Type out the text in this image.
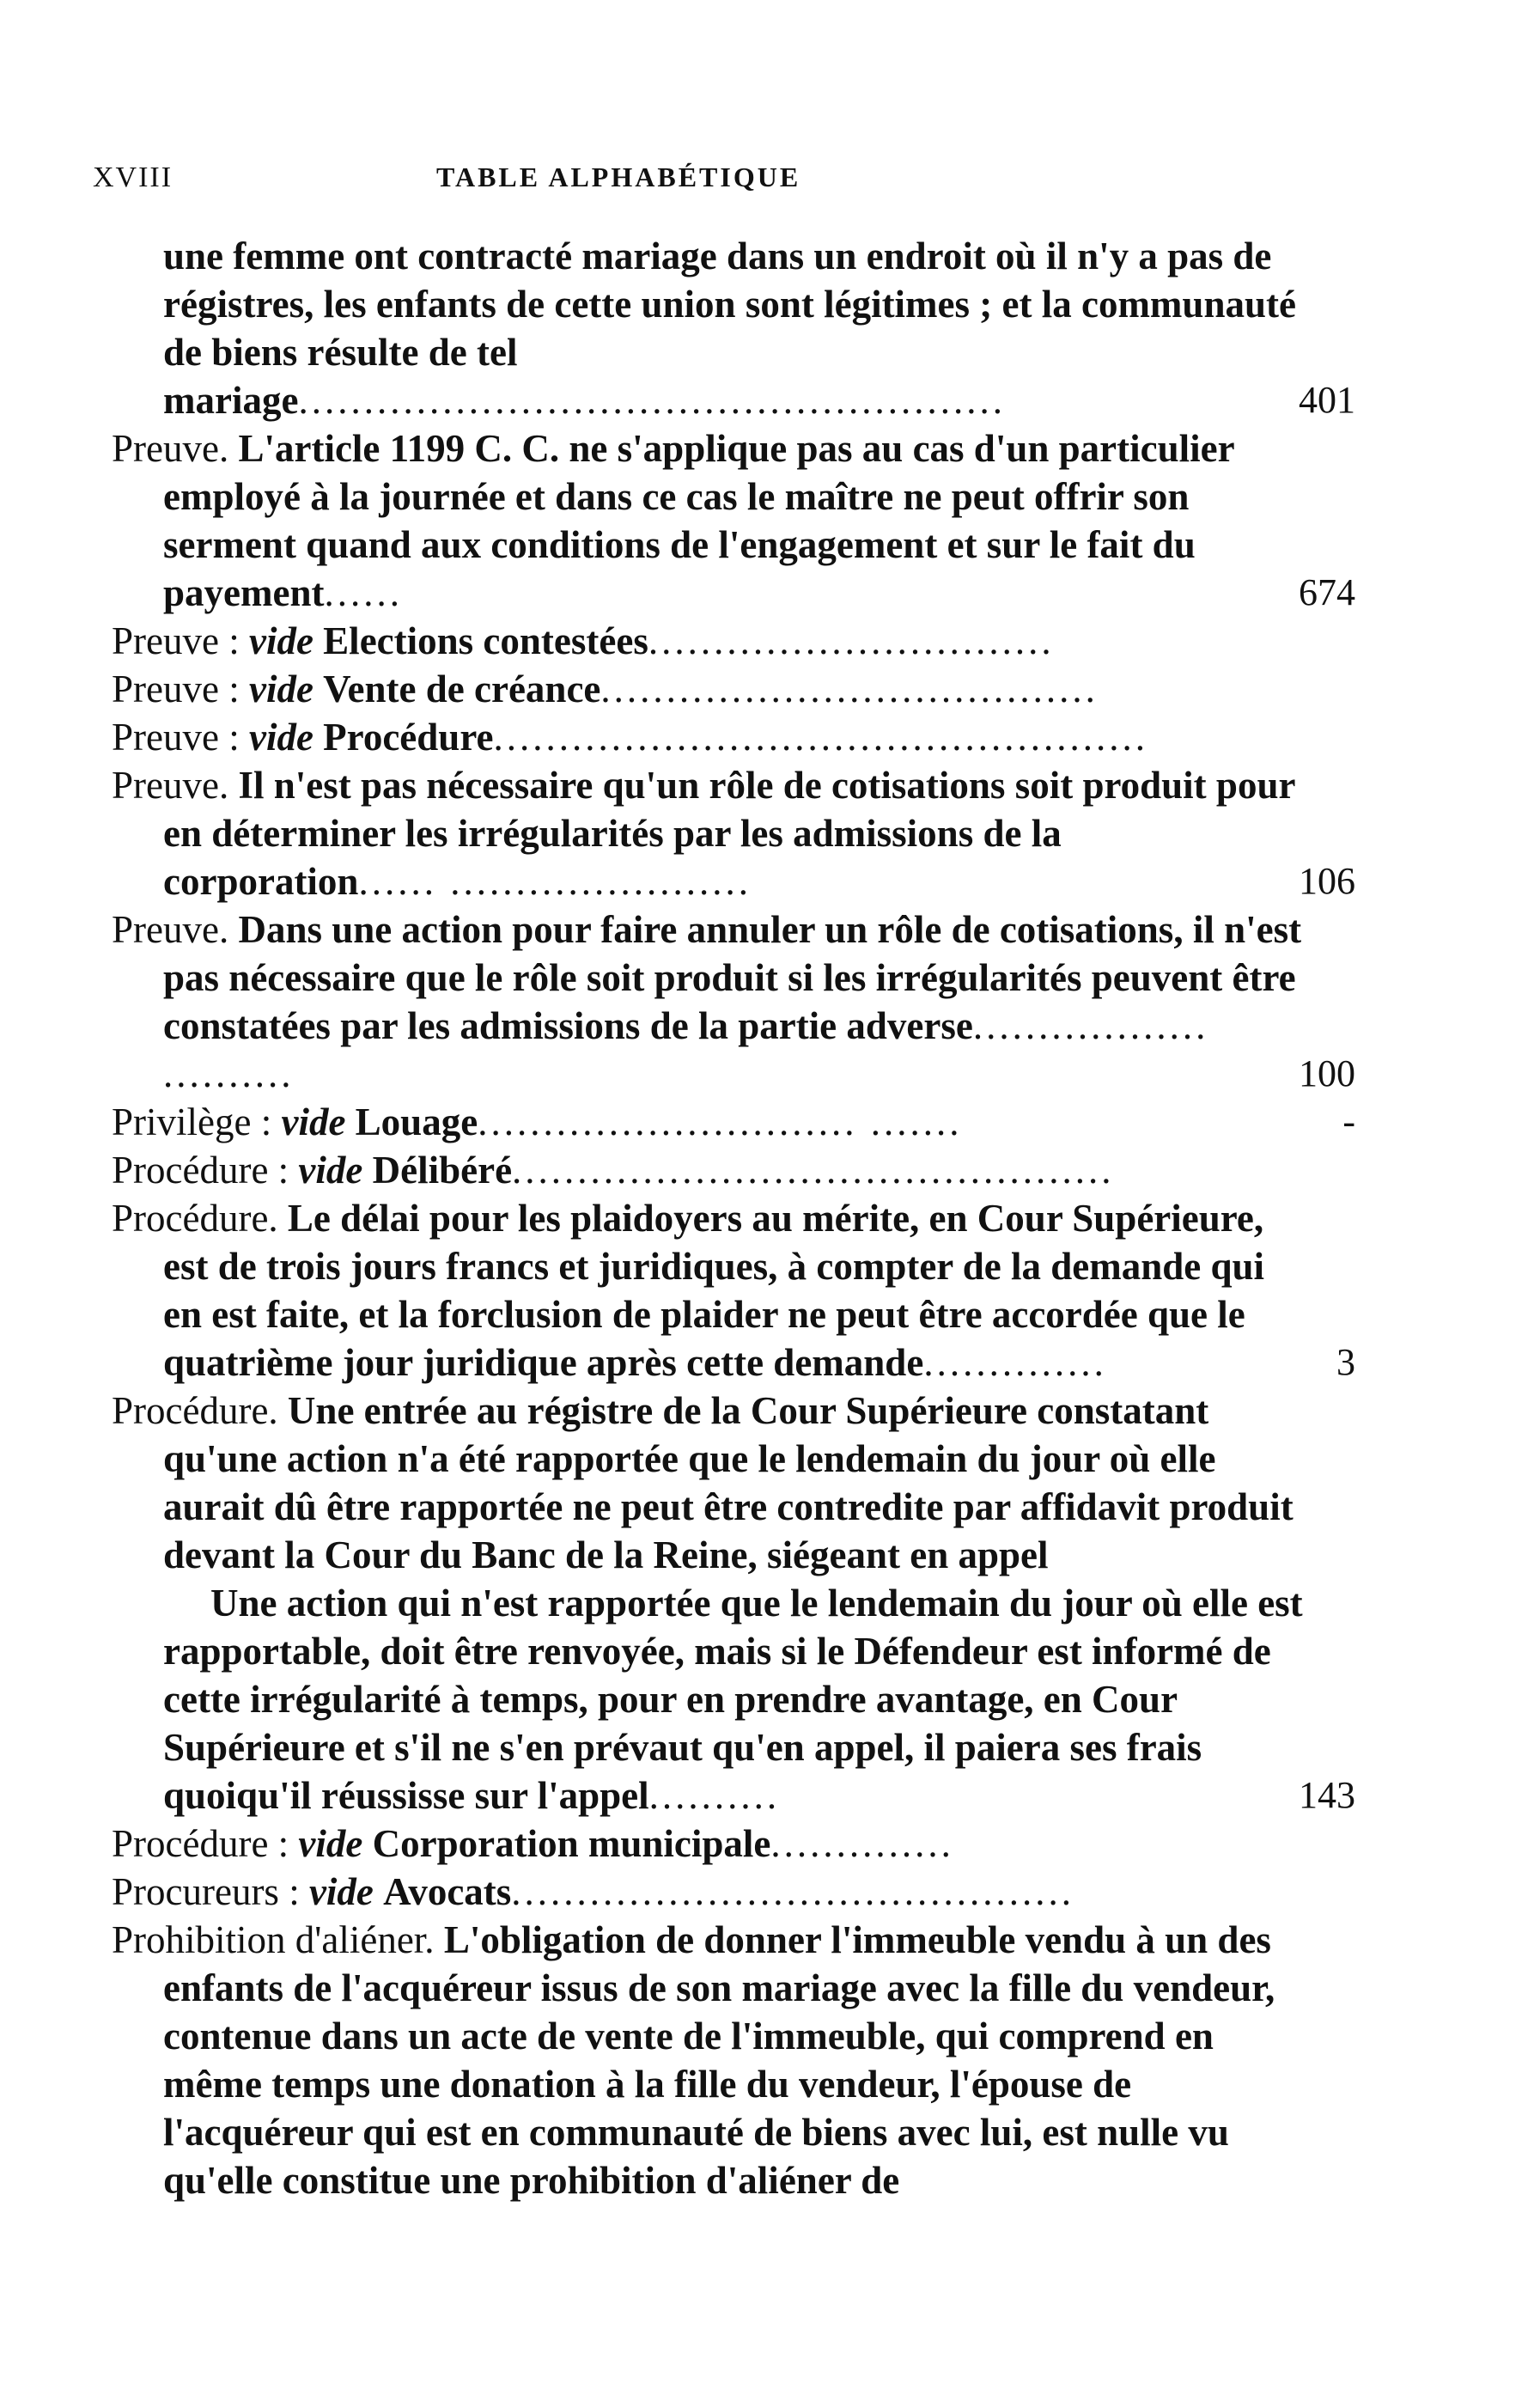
XVIII	TABLE ALPHABÉTIQUE

une femme ont contracté mariage dans un endroit où il n'y a pas de régistres, les enfants de cette union sont légitimes ; et la communauté de biens résulte de tel mariage......................................................	401

Preuve. L'article 1199 C. C. ne s'applique pas au cas d'un particulier employé à la journée et dans ce cas le maître ne peut offrir son serment quand aux conditions de l'engagement et sur le fait du payement......	674

Preuve : vide Elections contestées...............................

Preuve : vide Vente de créance......................................

Preuve : vide Procédure..................................................

Preuve. Il n'est pas nécessaire qu'un rôle de cotisations soit produit pour en déterminer les irrégularités par les admissions de la corporation...... .......................	106

Preuve. Dans une action pour faire annuler un rôle de cotisations, il n'est pas nécessaire que le rôle soit produit si les irrégularités peuvent être constatées par les admissions de la partie adverse.................. ..........	100

Privilège : vide Louage............................. .......	-

Procédure : vide Délibéré..............................................

Procédure. Le délai pour les plaidoyers au mérite, en Cour Supérieure, est de trois jours francs et juridiques, à compter de la demande qui en est faite, et la forclusion de plaider ne peut être accordée que le quatrième jour juridique après cette demande..............	3

Procédure. Une entrée au régistre de la Cour Supérieure constatant qu'une action n'a été rapportée que le lendemain du jour où elle aurait dû être rapportée ne peut être contredite par affidavit produit devant la Cour du Banc de la Reine, siégeant en appel

Une action qui n'est rapportée que le lendemain du jour où elle est rapportable, doit être renvoyée, mais si le Défendeur est informé de cette irrégularité à temps, pour en prendre avantage, en Cour Supérieure et s'il ne s'en prévaut qu'en appel, il paiera ses frais quoiqu'il réussisse sur l'appel..........	143

Procédure : vide Corporation municipale..............

Procureurs : vide Avocats...........................................

Prohibition d'aliéner. L'obligation de donner l'immeuble vendu à un des enfants de l'acquéreur issus de son mariage avec la fille du vendeur, contenue dans un acte de vente de l'immeuble, qui comprend en même temps une donation à la fille du vendeur, l'épouse de l'acquéreur qui est en communauté de biens avec lui, est nulle vu qu'elle constitue une prohibition d'aliéner de
